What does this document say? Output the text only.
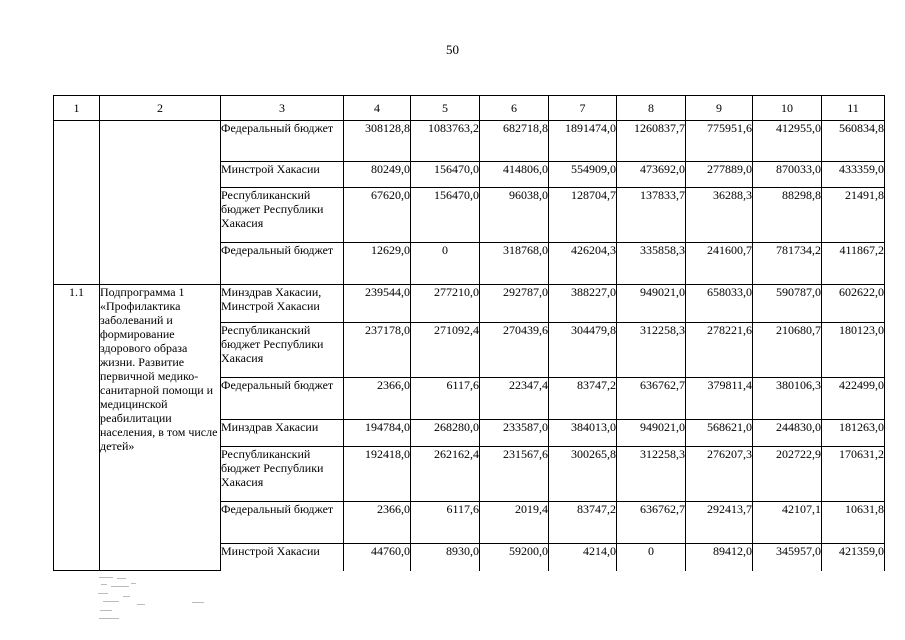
50
1	2	3	4	5	6	7	8	9	10	11
		Федеральный бюджет	308128,8	1083763,2	682718,8	1891474,0	1260837,7	775951,6	412955,0	560834,8
		Минстрой Хакасии	80249,0	156470,0	414806,0	554909,0	473692,0	277889,0	870033,0	433359,0
		Республиканский бюджет Республики Хакасия	67620,0	156470,0	96038,0	128704,7	137833,7	36288,3	88298,8	21491,8
		Федеральный бюджет	12629,0	0	318768,0	426204,3	335858,3	241600,7	781734,2	411867,2
1.1	Подпрограмма 1 «Профилактика заболеваний и формирование здорового образа жизни. Развитие первичной медико-санитарной помощи и медицинской реабилитации населения, в том числе детей»	Минздрав Хакасии, Минстрой Хакасии	239544,0	277210,0	292787,0	388227,0	949021,0	658033,0	590787,0	602622,0
		Республиканский бюджет Республики Хакасия	237178,0	271092,4	270439,6	304479,8	312258,3	278221,6	210680,7	180123,0
		Федеральный бюджет	2366,0	6117,6	22347,4	83747,2	636762,7	379811,4	380106,3	422499,0
		Минздрав Хакасии	194784,0	268280,0	233587,0	384013,0	949021,0	568621,0	244830,0	181263,0
		Республиканский бюджет Республики Хакасия	192418,0	262162,4	231567,6	300265,8	312258,3	276207,3	202722,9	170631,2
		Федеральный бюджет	2366,0	6117,6	2019,4	83747,2	636762,7	292413,7	42107,1	10631,8
		Минстрой Хакасии	44760,0	8930,0	59200,0	4214,0	0	89412,0	345957,0	421359,0
